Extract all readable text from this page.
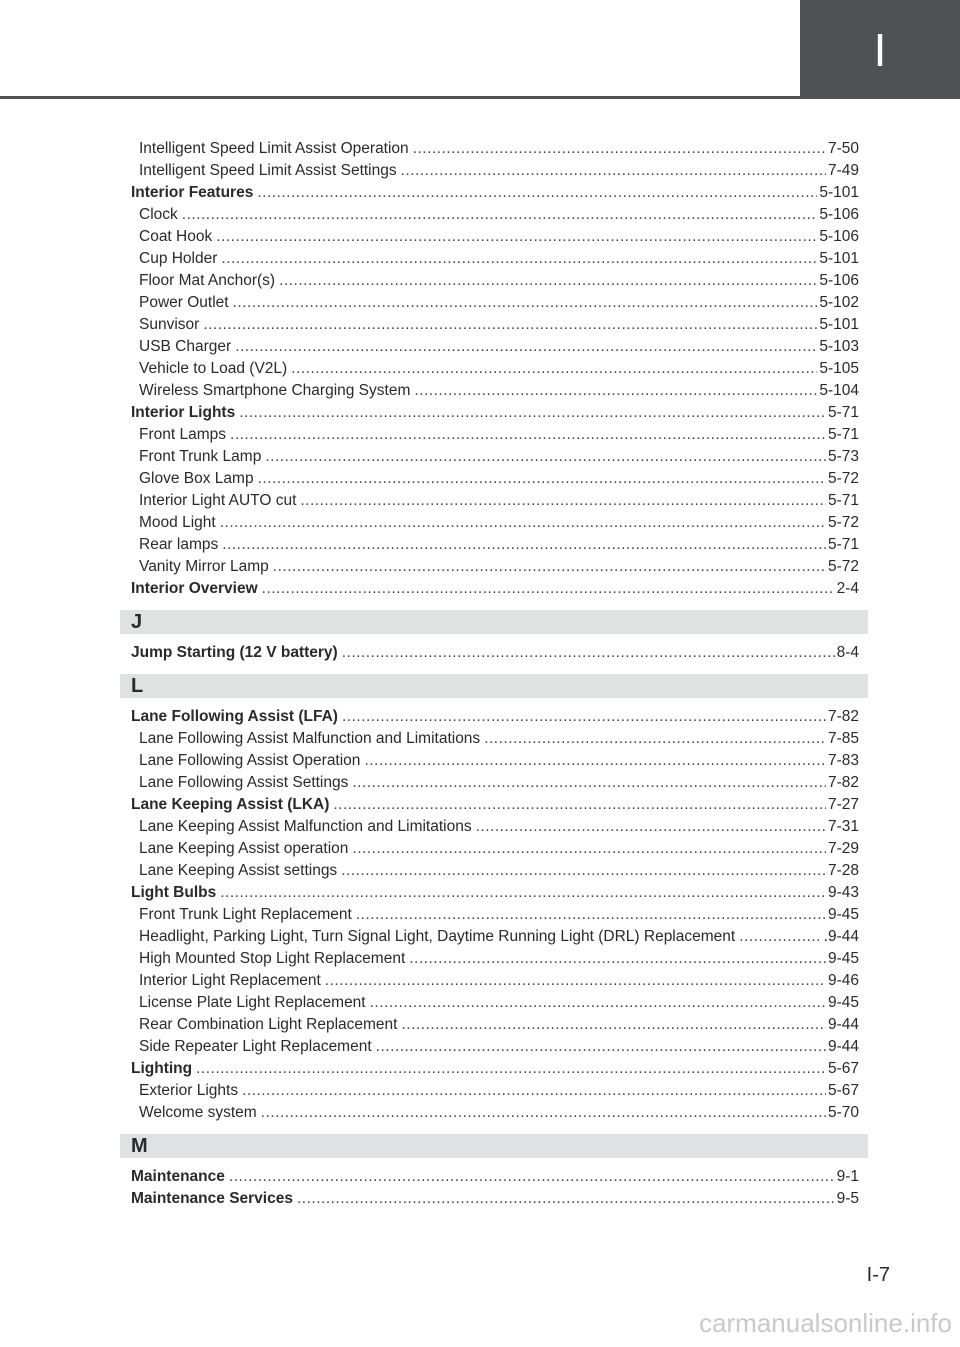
I
Intelligent Speed Limit Assist Operation .....	7-50
Intelligent Speed Limit Assist Settings .....	7-49
Interior Features .....	5-101
Clock .....	5-106
Coat Hook .....	5-106
Cup Holder .....	5-101
Floor Mat Anchor(s) .....	5-106
Power Outlet .....	5-102
Sunvisor .....	5-101
USB Charger .....	5-103
Vehicle to Load (V2L) .....	5-105
Wireless Smartphone Charging System .....	5-104
Interior Lights .....	5-71
Front Lamps .....	5-71
Front Trunk Lamp .....	5-73
Glove Box Lamp .....	5-72
Interior Light AUTO cut .....	5-71
Mood Light .....	5-72
Rear lamps .....	5-71
Vanity Mirror Lamp .....	5-72
Interior Overview .....	2-4
J
Jump Starting (12 V battery) .....	8-4
L
Lane Following Assist (LFA) .....	7-82
Lane Following Assist Malfunction and Limitations .....	7-85
Lane Following Assist Operation .....	7-83
Lane Following Assist Settings .....	7-82
Lane Keeping Assist (LKA) .....	7-27
Lane Keeping Assist Malfunction and Limitations .....	7-31
Lane Keeping Assist operation .....	7-29
Lane Keeping Assist settings .....	7-28
Light Bulbs .....	9-43
Front Trunk Light Replacement .....	9-45
Headlight, Parking Light, Turn Signal Light, Daytime Running Light (DRL) Replacement .....	.9-44
High Mounted Stop Light Replacement .....	9-45
Interior Light Replacement .....	9-46
License Plate Light Replacement .....	9-45
Rear Combination Light Replacement .....	9-44
Side Repeater Light Replacement .....	9-44
Lighting .....	5-67
Exterior Lights .....	5-67
Welcome system .....	5-70
M
Maintenance .....	9-1
Maintenance Services .....	9-5
I-7
carmanualsonline.info
